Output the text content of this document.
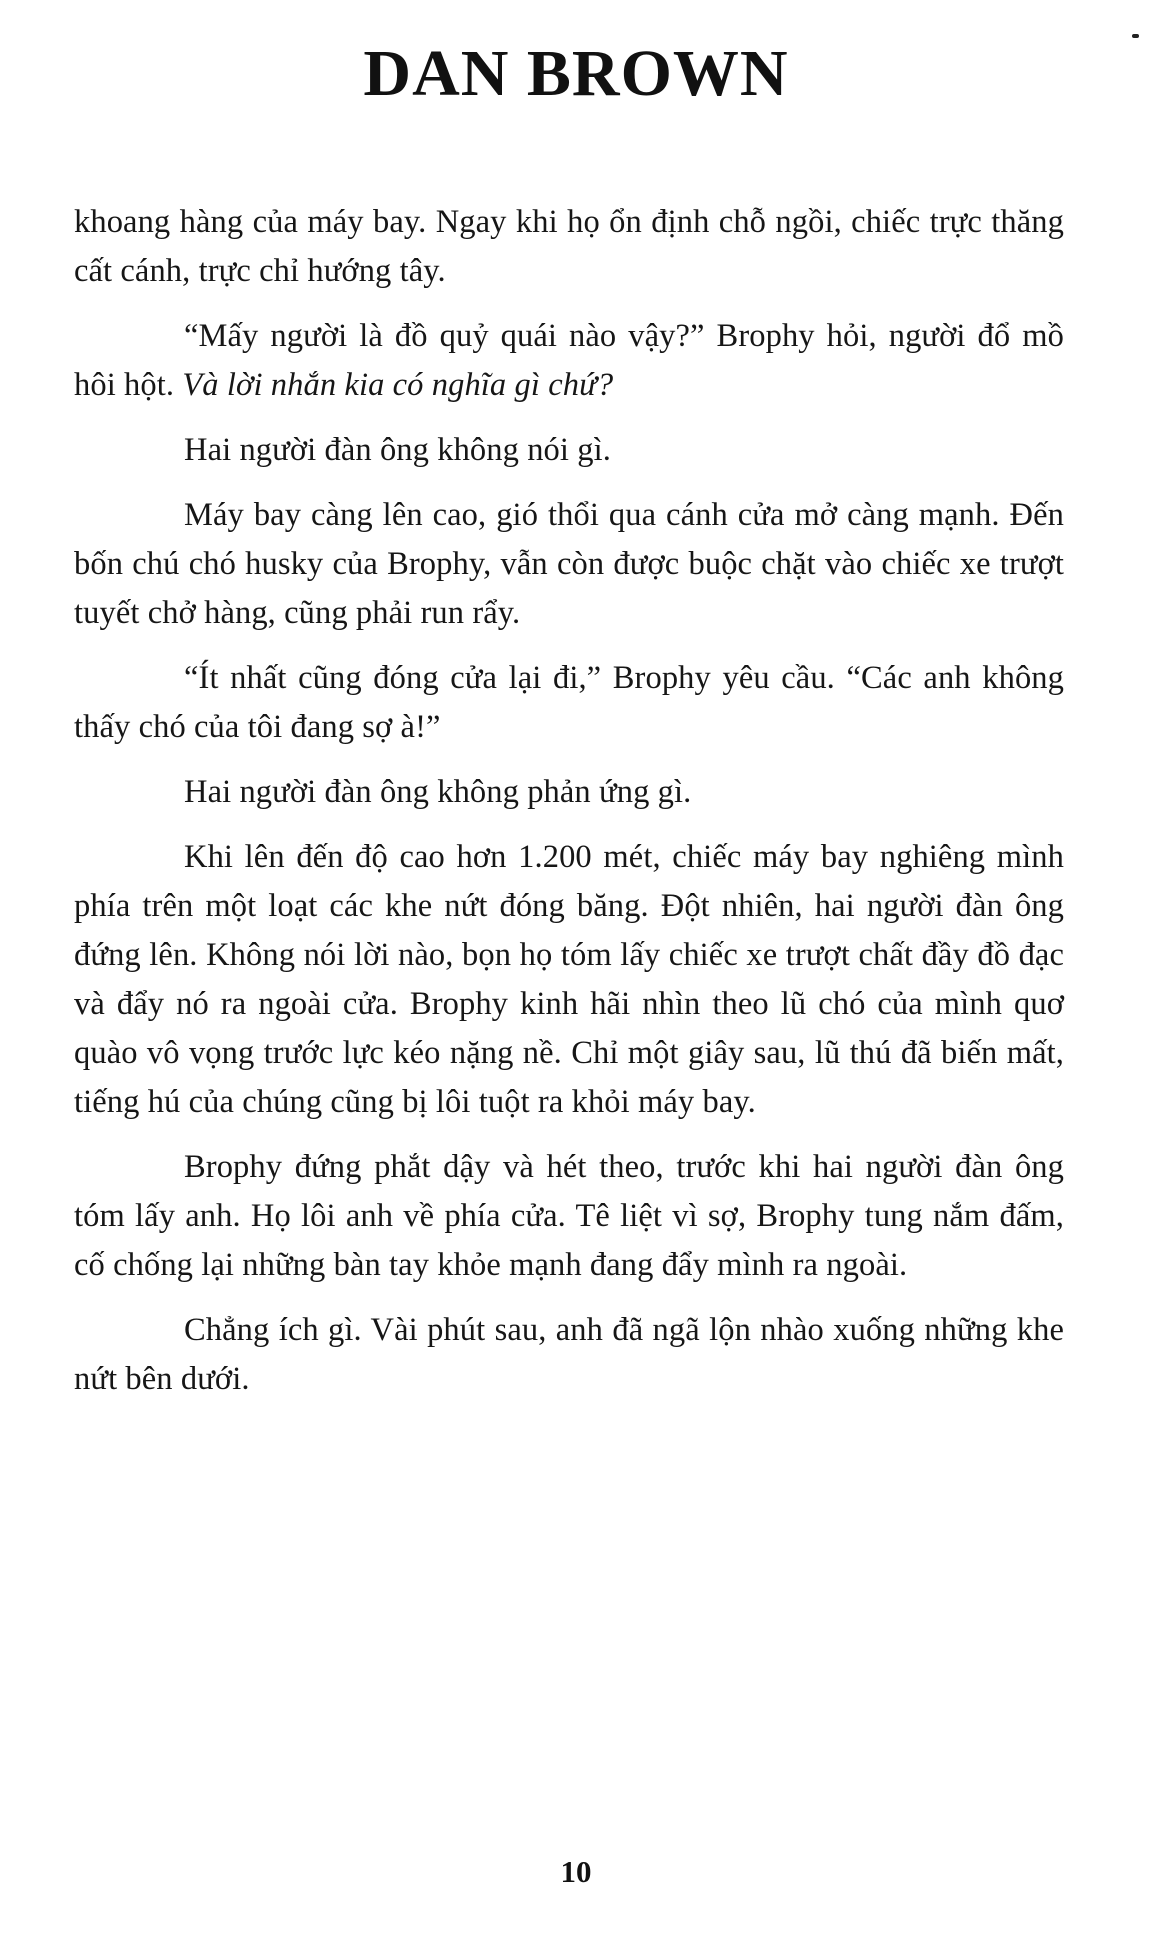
DAN BROWN

khoang hàng của máy bay. Ngay khi họ ổn định chỗ ngồi, chiếc trực thăng cất cánh, trực chỉ hướng tây.

“Mấy người là đồ quỷ quái nào vậy?” Brophy hỏi, người đổ mồ hôi hột. Và lời nhắn kia có nghĩa gì chứ?

Hai người đàn ông không nói gì.

Máy bay càng lên cao, gió thổi qua cánh cửa mở càng mạnh. Đến bốn chú chó husky của Brophy, vẫn còn được buộc chặt vào chiếc xe trượt tuyết chở hàng, cũng phải run rẩy.

“Ít nhất cũng đóng cửa lại đi,” Brophy yêu cầu. “Các anh không thấy chó của tôi đang sợ à!”

Hai người đàn ông không phản ứng gì.

Khi lên đến độ cao hơn 1.200 mét, chiếc máy bay nghiêng mình phía trên một loạt các khe nứt đóng băng. Đột nhiên, hai người đàn ông đứng lên. Không nói lời nào, bọn họ tóm lấy chiếc xe trượt chất đầy đồ đạc và đẩy nó ra ngoài cửa. Brophy kinh hãi nhìn theo lũ chó của mình quơ quào vô vọng trước lực kéo nặng nề. Chỉ một giây sau, lũ thú đã biến mất, tiếng hú của chúng cũng bị lôi tuột ra khỏi máy bay.

Brophy đứng phắt dậy và hét theo, trước khi hai người đàn ông tóm lấy anh. Họ lôi anh về phía cửa. Tê liệt vì sợ, Brophy tung nắm đấm, cố chống lại những bàn tay khỏe mạnh đang đẩy mình ra ngoài.

Chẳng ích gì. Vài phút sau, anh đã ngã lộn nhào xuống những khe nứt bên dưới.

10
